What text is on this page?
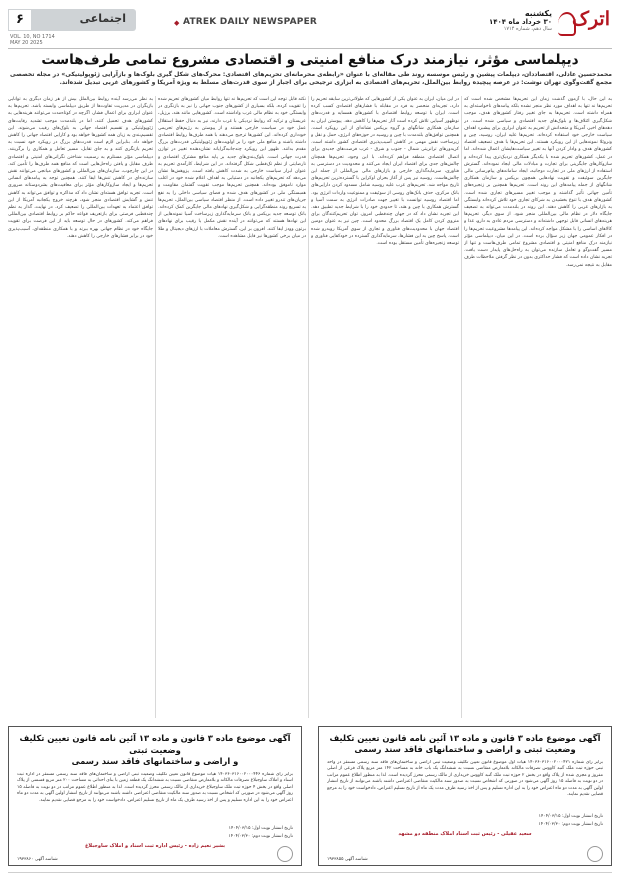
۶	اجتماعی
VOL. 10, NO 1714
MAY 20 2025
◆ ATREK DAILY NEWSPAPER
یکشنبه
۳۰ خرداد ماه ۱۴۰۴
سال دهم، شماره ۱۷۱۴ اترک
دیپلماسی مؤثر، نیازمند درک منافع امنیتی و اقتصادی مشروع تمامی طرف‌هاست

محمدحسین عادلی، اقتصاددان، دیپلمات پیشین و رئیس موسسه روند طی مقاله‌ای با عنوان «رابطه‌ی محرمانه‌ای تحریم‌های اقتصادی: محرک‌های شکل گیری بلوک‌ها و بازآرایی ژئوپولیتیکی» در مجله تخصصی مجمع گفت‌وگوی تهران نوشت: در عرصه پیچیده روابط بین‌الملل، تحریم‌های اقتصادی به ابزاری ترجیحی برای اجبار از سوی قدرت‌های مسلط به ویژه آمریکا و کشورهای غربی تبدیل شده‌اند.

به این حال، با آزمون گذشت زمان این تحریم‌ها مشخص شده است که تحریم‌ها نه تنها به اهداف مورد نظر منجر نشده بلکه پیامدهای ناخواسته‌ای به همراه داشته است. تحریم‌ها به جای تغییر رفتار کشورهای هدف، موجب شکل‌گیری ائتلاف‌ها و بلوک‌های جدید اقتصادی و سیاسی شده است. در دهه‌های اخیر، آمریکا و متحدانش از تحریم به عنوان ابزاری برای پیشبرد اهداف سیاست خارجی خود استفاده کرده‌اند. تحریم‌ها علیه ایران، روسیه، چین و ونزوئلا نمونه‌هایی از این رویکرد هستند. این تحریم‌ها با هدف تضعیف اقتصاد کشورهای هدف و وادار کردن آنها به تغییر سیاست‌هایشان اعمال شده‌اند. اما در عمل، کشورهای تحریم شده با یکدیگر همکاری نزدیک‌تری پیدا کرده‌اند و سازوکارهای جایگزینی برای تجارت و مبادلات مالی ایجاد نموده‌اند. گسترش استفاده از ارزهای ملی در تجارت دوجانبه، ایجاد سامانه‌های پیام‌رسانی مالی جایگزین سوئیفت و تقویت نهادهایی همچون بریکس و سازمان همکاری شانگهای از جمله پیامدهای این روند است. تحریم‌ها همچنین بر زنجیره‌های تأمین جهانی تأثیر گذاشته و موجب تغییر مسیرهای تجاری شده است. کشورهای هدف با تنوع بخشیدن به شرکای تجاری خود تلاش کرده‌اند وابستگی به بازارهای غربی را کاهش دهند. این روند در بلندمدت می‌تواند به تضعیف جایگاه دلار در نظام مالی بین‌المللی منجر شود. از سوی دیگر، تحریم‌ها هزینه‌های انسانی قابل توجهی داشته‌اند و دسترسی مردم عادی به دارو، غذا و کالاهای اساسی را با مشکل مواجه کرده‌اند. این پیامدها مشروعیت تحریم‌ها را در افکار عمومی جهان زیر سؤال برده است. در این میان، دیپلماسی مؤثر نیازمند درک منافع امنیتی و اقتصادی مشروع تمامی طرف‌هاست و تنها از مسیر گفت‌وگو و تعامل سازنده می‌توان به راه‌حل‌های پایدار دست یافت. تجربه نشان داده است که فشار حداکثری بدون در نظر گرفتن ملاحظات طرف مقابل به نتیجه نمی‌رسد.

در این میان، ایران به عنوان یکی از کشورهایی که طولانی‌ترین سابقه تحریم را دارد، تجربه‌ای منحصر به فرد در مقابله با فشارهای اقتصادی کسب کرده است. ایران با توسعه روابط اقتصادی با کشورهای همسایه و قدرت‌های نوظهور آسیایی تلاش کرده است آثار تحریم‌ها را کاهش دهد. پیوستن ایران به سازمان همکاری شانگهای و گروه بریکس نشانه‌ای از این رویکرد است. همچنین توافق‌های بلندمدت با چین و روسیه در حوزه‌های انرژی، حمل و نقل و زیرساخت نقش مهمی در کاهش آسیب‌پذیری اقتصادی کشور داشته است. کریدورهای ترانزیتی شمال - جنوب و شرق - غرب فرصت‌های جدیدی برای اتصال اقتصادی منطقه فراهم کرده‌اند. با این وجود، تحریم‌ها همچنان چالش‌های جدی برای اقتصاد ایران ایجاد می‌کنند و محدودیت در دسترسی به فناوری، سرمایه‌گذاری خارجی و بازارهای مالی بین‌المللی از جمله این چالش‌هاست. روسیه نیز پس از آغاز بحران اوکراین با گسترده‌ترین تحریم‌های تاریخ مواجه شد. تحریم‌های غرب علیه روسیه شامل مسدود کردن دارایی‌های بانک مرکزی، حذف بانک‌های روسی از سوئیفت و ممنوعیت واردات انرژی بود. اما اقتصاد روسیه توانست با تغییر جهت صادرات انرژی به سمت آسیا و گسترش همکاری با چین و هند، تا حدودی خود را با شرایط جدید تطبیق دهد. این تجربه نشان داد که در جهان چندقطبی امروز، توان تحریم‌کنندگان برای منزوی کردن کامل یک اقتصاد بزرگ محدود است. چین نیز به عنوان دومین اقتصاد جهان با محدودیت‌های فناوری و تجاری از سوی آمریکا روبه‌رو شده است. پاسخ چین به این فشارها، سرمایه‌گذاری گسترده در خودکفایی فناوری و توسعه زنجیره‌های تأمین مستقل بوده است.

نکته قابل توجه این است که تحریم‌ها نه تنها روابط میان کشورهای تحریم شده را تقویت کرده، بلکه بسیاری از کشورهای جنوب جهانی را نیز به بازنگری در وابستگی خود به نظام مالی غرب واداشته است. کشورهایی مانند هند، برزیل، عربستان و ترکیه که روابط نزدیکی با غرب دارند، نیز به دنبال حفظ استقلال عمل خود در سیاست خارجی هستند و از پیوستن به رژیم‌های تحریمی خودداری کرده‌اند. این کشورها ترجیح می‌دهند با همه طرف‌ها روابط اقتصادی داشته باشند و منافع ملی خود را بر اولویت‌های ژئوپولیتیکی قدرت‌های بزرگ مقدم بدانند. ظهور این رویکرد چندجانبه‌گرایانه نشان‌دهنده تغییر در توازن قدرت جهانی است. بلوک‌بندی‌های جدید بر پایه منافع مشترک اقتصادی و نارضایتی از نظم تک‌قطبی شکل گرفته‌اند. در این شرایط، کارآمدی تحریم به عنوان ابزار سیاست خارجی به شدت کاهش یافته است. پژوهش‌ها نشان می‌دهد که تحریم‌های یکجانبه در دستیابی به اهداف اعلام شده خود در اغلب موارد ناموفق بوده‌اند. همچنین تحریم‌ها موجب تقویت گفتمان مقاومت و همبستگی ملی در کشورهای هدف شده و فضای سیاسی داخلی را به نفع جریان‌های تندرو تغییر داده است. از منظر اقتصاد سیاسی بین‌الملل، تحریم‌ها به تسریع روند منطقه‌گرایی و شکل‌گیری نهادهای مالی جایگزین کمک کرده‌اند. بانک توسعه جدید بریکس و بانک سرمایه‌گذاری زیرساخت آسیا نمونه‌هایی از این نهادها هستند که می‌توانند در آینده نقش مکمل یا رقیب برای نهادهای برتون وودز ایفا کنند. افزون بر این، گسترش معاملات با ارزهای دیجیتال و طلا در میان برخی کشورها نیز قابل مشاهده است.

به نظر می‌رسد آینده روابط بین‌الملل بیش از هر زمان دیگری به توانایی بازیگران در مدیریت تفاوت‌ها از طریق دیپلماسی وابسته باشد. تحریم‌ها به عنوان ابزاری برای اعمال فشار، اگرچه در کوتاه‌مدت می‌توانند هزینه‌هایی به کشورهای هدف تحمیل کنند، اما در بلندمدت موجب تشدید رقابت‌های ژئوپولیتیکی و تقسیم اقتصاد جهانی به بلوک‌های رقیب می‌شوند. این تقسیم‌بندی به زیان همه کشورها خواهد بود و کارایی اقتصاد جهانی را کاهش خواهد داد. بنابراین لازم است قدرت‌های بزرگ در رویکرد خود نسبت به تحریم بازنگری کنند و به جای تقابل، مسیر تعامل و همکاری را برگزینند. دیپلماسی مؤثر مستلزم به رسمیت شناختن نگرانی‌های امنیتی و اقتصادی طرف مقابل و یافتن راه‌حل‌هایی است که منافع همه طرف‌ها را تأمین کند. در این چارچوب، سازمان‌های بین‌المللی و کشورهای میانجی می‌توانند نقش سازنده‌ای در کاهش تنش‌ها ایفا کنند. همچنین توجه به پیامدهای انسانی تحریم‌ها و ایجاد سازوکارهای مؤثر برای معافیت‌های بشردوستانه ضروری است. تجربه توافق هسته‌ای نشان داد که مذاکره و توافق می‌تواند به کاهش تنش و گشایش اقتصادی منجر شود، هرچند خروج یکجانبه آمریکا از این توافق اعتماد به تعهدات بین‌المللی را تضعیف کرد. در نهایت، گذار به نظم چندقطبی فرصتی برای بازتعریف قواعد حاکم بر روابط اقتصادی بین‌المللی فراهم می‌کند. کشورهای در حال توسعه باید از این فرصت برای تقویت جایگاه خود در نظام جهانی بهره ببرند و با همکاری منطقه‌ای، آسیب‌پذیری خود در برابر فشارهای خارجی را کاهش دهند.

آگهی موضوع ماده ۳ قانون و ماده ۱۳ آئین نامه قانون تعیین تکلیف
وضعیت ثبتی و اراضی و ساختمانهای فاقد سند رسمی
برابر رای شماره ۱۴۰۳۶۰۳۱۶۰۰۲۰۰۰۴۲۱ هیات اول موضوع قانون تعیین تکلیف وضعیت ثبتی اراضی و ساختمان‌های فاقد سند رسمی مستقر در واحد ثبتی حوزه ثبت ملک گنبد کاووس تصرفات مالکانه بلامعارض متقاضی نسبت به ششدانگ یک باب خانه به مساحت ۱۴۲ متر مربع پلاک فرعی از اصلی مفروز و مجزی شده از پلاک واقع در بخش ۲ حوزه ثبت ملک گنبد کاووس خریداری از مالک رسمی محرز گردیده است. لذا به منظور اطلاع عموم مراتب در دو نوبت به فاصله ۱۵ روز آگهی می‌شود در صورتی که اشخاص نسبت به صدور سند مالکیت متقاضی اعتراضی داشته باشند می‌توانند از تاریخ انتشار اولین آگهی به مدت دو ماه اعتراض خود را به این اداره تسلیم و پس از اخذ رسید ظرف مدت یک ماه از تاریخ تسلیم اعتراض، دادخواست خود را به مرجع قضایی تقدیم نمایند.
تاریخ انتشار نوبت اول: ۱۴۰۴/۰۳/۱۵
تاریخ انتشار نوبت دوم: ۱۴۰۴/۰۳/۳۰
سعید عقیلی - رئیس ثبت اسناد املاک منطقه دو مشهد
شناسه آگهی ۱۹۳۳۸۵۵
آگهی موضوع ماده ۳ قانون و ماده ۱۳ آئین نامه قانون تعیین تکلیف وضعیت ثبتی
و اراضی و ساختمانهای فاقد سند رسمی
برابر رای شماره ۱۴۰۳۶۰۳۱۶۰۰۲۰۰۰۴۴۶ هیات موضوع قانون تعیین تکلیف وضعیت ثبتی اراضی و ساختمان‌های فاقد سند رسمی مستقر در اداره ثبت اسناد و املاک ساوجبلاغ تصرفات مالکانه و بلامعارض متقاضی نسبت به ششدانگ یک قطعه زمین با بنای احداثی به مساحت ۲۰۰ متر مربع قسمتی از پلاک اصلی واقع در بخش ۴ حوزه ثبت ملک ساوجبلاغ خریداری از مالک رسمی محرز گردیده است. لذا به منظور اطلاع عموم مراتب در دو نوبت به فاصله ۱۵ روز آگهی می‌شود در صورتی که اشخاص نسبت به صدور سند مالکیت متقاضی اعتراضی داشته باشند می‌توانند از تاریخ انتشار اولین آگهی به مدت دو ماه اعتراض خود را به این اداره تسلیم و پس از اخذ رسید ظرف یک ماه از تاریخ تسلیم اعتراض، دادخواست خود را به مرجع قضایی تقدیم نمایند.
تاریخ انتشار نوبت اول: ۱۴۰۴/۰۳/۱۵
تاریخ انتشار نوبت دوم: ۱۴۰۴/۰۳/۳۰
بشیر نعیم زاده - رئیس اداره ثبت اسناد و املاک ساوجبلاغ
شناسه آگهی ۱۹۳۳۸۶۰
